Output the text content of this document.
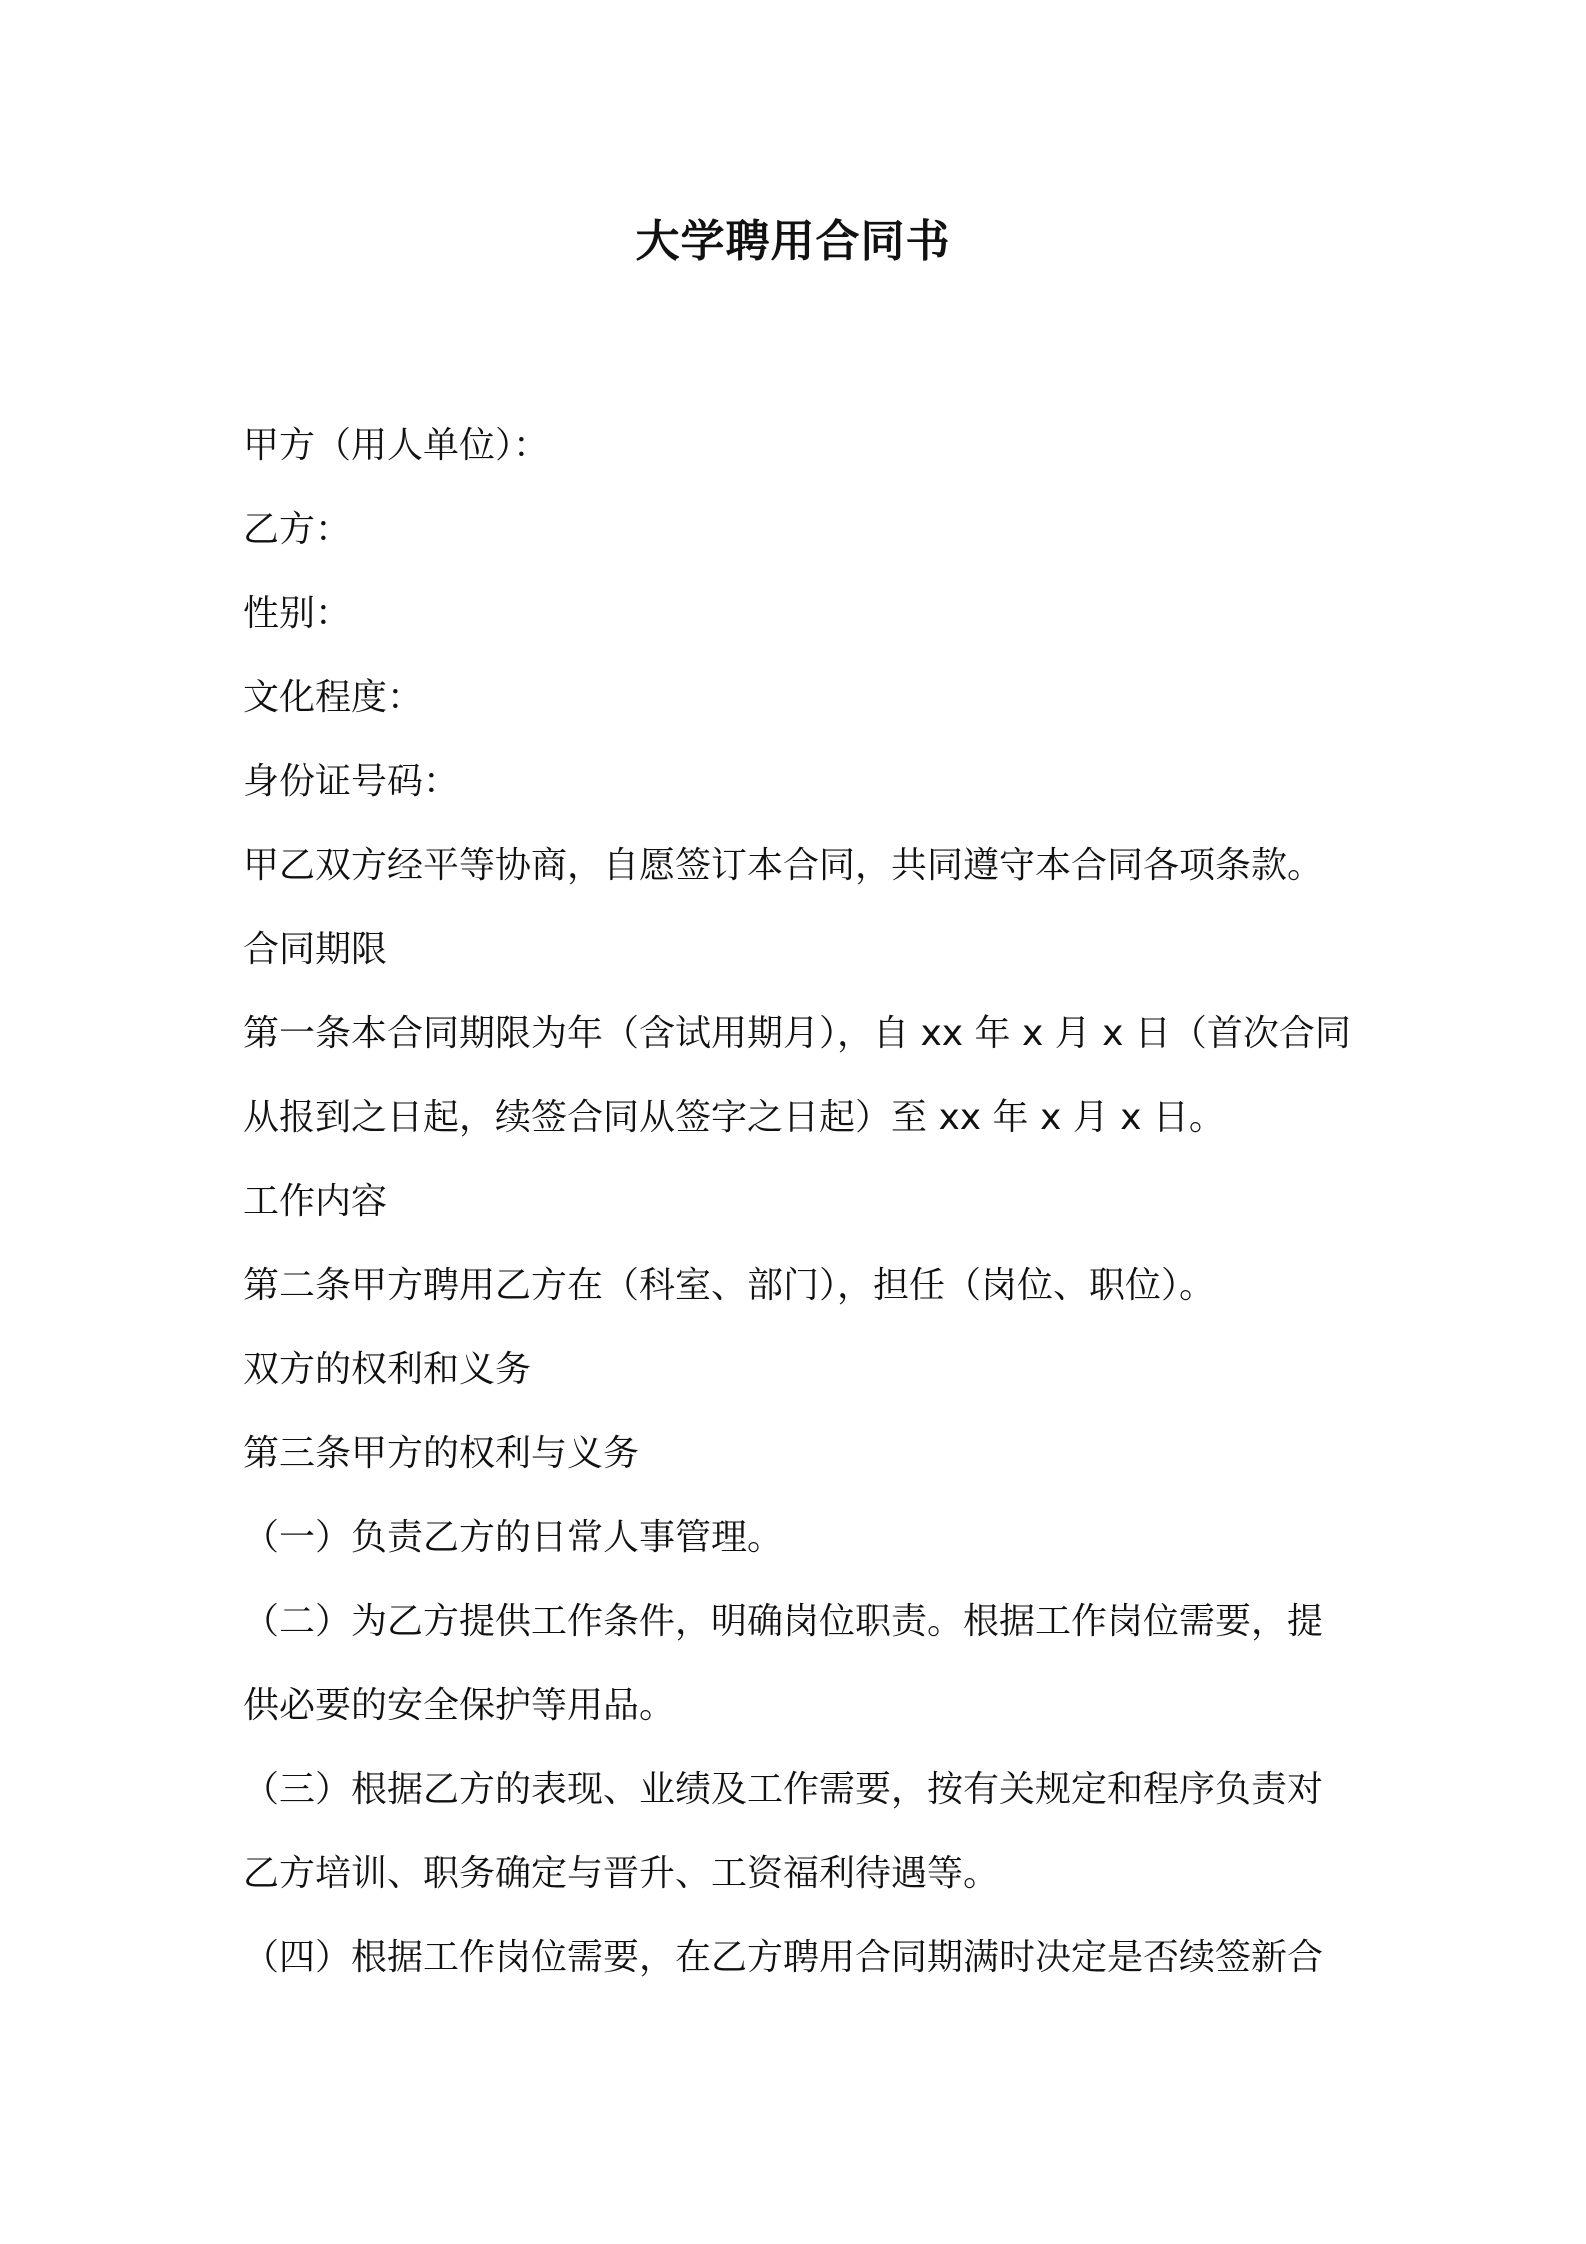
大学聘用合同书
甲方（用人单位）：
乙方：
性别：
文化程度：
身份证号码：
甲乙双方经平等协商，自愿签订本合同，共同遵守本合同各项条款。
合同期限
第一条本合同期限为年（含试用期月），自 xx 年 x 月 x 日（首次合同
从报到之日起，续签合同从签字之日起）至 xx 年 x 月 x 日。
工作内容
第二条甲方聘用乙方在（科室、部门），担任（岗位、职位）。
双方的权利和义务
第三条甲方的权利与义务
（一）负责乙方的日常人事管理。
（二）为乙方提供工作条件，明确岗位职责。根据工作岗位需要，提
供必要的安全保护等用品。
（三）根据乙方的表现、业绩及工作需要，按有关规定和程序负责对
乙方培训、职务确定与晋升、工资福利待遇等。
（四）根据工作岗位需要，在乙方聘用合同期满时决定是否续签新合
